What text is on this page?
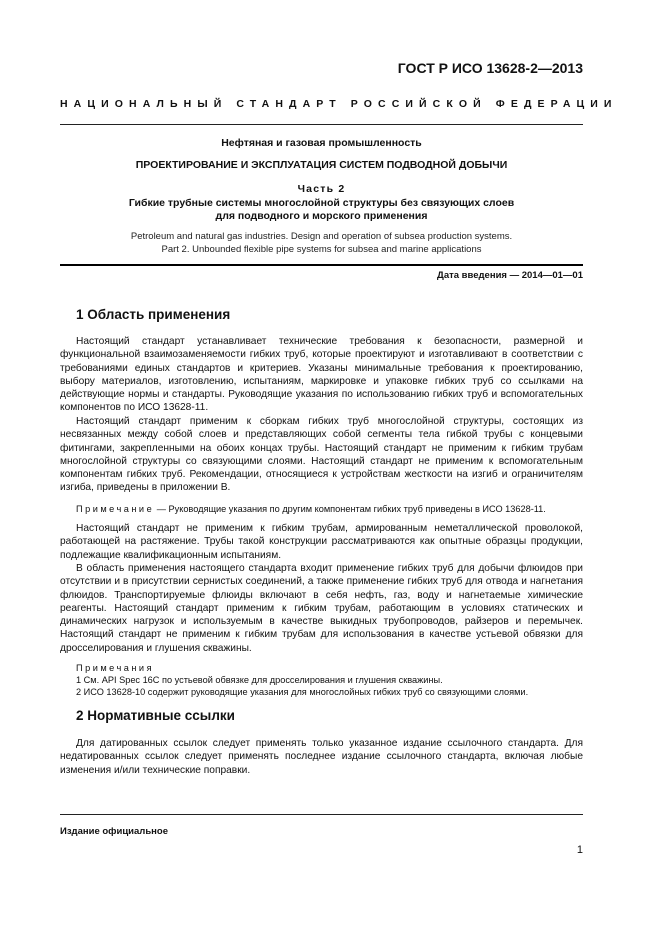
ГОСТ Р ИСО 13628-2—2013
НАЦИОНАЛЬНЫЙ СТАНДАРТ РОССИЙСКОЙ ФЕДЕРАЦИИ
Нефтяная и газовая промышленность
ПРОЕКТИРОВАНИЕ И ЭКСПЛУАТАЦИЯ СИСТЕМ ПОДВОДНОЙ ДОБЫЧИ
Часть 2
Гибкие трубные системы многослойной структуры без связующих слоев
для подводного и морского применения
Petroleum and natural gas industries. Design and operation of subsea production systems.
Part 2. Unbounded flexible pipe systems for subsea and marine applications
Дата введения — 2014—01—01
1 Область применения
Настоящий стандарт устанавливает технические требования к безопасности, размерной и функциональной взаимозаменяемости гибких труб, которые проектируют и изготавливают в соответствии с требованиями единых стандартов и критериев. Указаны минимальные требования к проектированию, выбору материалов, изготовлению, испытаниям, маркировке и упаковке гибких труб со ссылками на действующие нормы и стандарты. Руководящие указания по использованию гибких труб и вспомогательных компонентов по ИСО 13628-11.
Настоящий стандарт применим к сборкам гибких труб многослойной структуры, состоящих из несвязанных между собой слоев и представляющих собой сегменты тела гибкой трубы с концевыми фитингами, закрепленными на обоих концах трубы. Настоящий стандарт не применим к гибким трубам многослойной структуры со связующими слоями. Настоящий стандарт не применим к вспомогательным компонентам гибких труб. Рекомендации, относящиеся к устройствам жесткости на изгиб и ограничителям изгиба, приведены в приложении В.
Примечание — Руководящие указания по другим компонентам гибких труб приведены в ИСО 13628-11.
Настоящий стандарт не применим к гибким трубам, армированным неметаллической проволокой, работающей на растяжение. Трубы такой конструкции рассматриваются как опытные образцы продукции, подлежащие квалификационным испытаниям.
В область применения настоящего стандарта входит применение гибких труб для добычи флюидов при отсутствии и в присутствии сернистых соединений, а также применение гибких труб для отвода и нагнетания флюидов. Транспортируемые флюиды включают в себя нефть, газ, воду и нагнетаемые химические реагенты. Настоящий стандарт применим к гибким трубам, работающим в условиях статических и динамических нагрузок и используемым в качестве выкидных трубопроводов, райзеров и перемычек. Настоящий стандарт не применим к гибким трубам для использования в качестве устьевой обвязки для дросселирования и глушения скважины.
Примечания
1 См. API Spec 16C по устьевой обвязке для дросселирования и глушения скважины.
2 ИСО 13628-10 содержит руководящие указания для многослойных гибких труб со связующими слоями.
2 Нормативные ссылки
Для датированных ссылок следует применять только указанное издание ссылочного стандарта. Для недатированных ссылок следует применять последнее издание ссылочного стандарта, включая любые изменения и/или технические поправки.
Издание официальное
1
